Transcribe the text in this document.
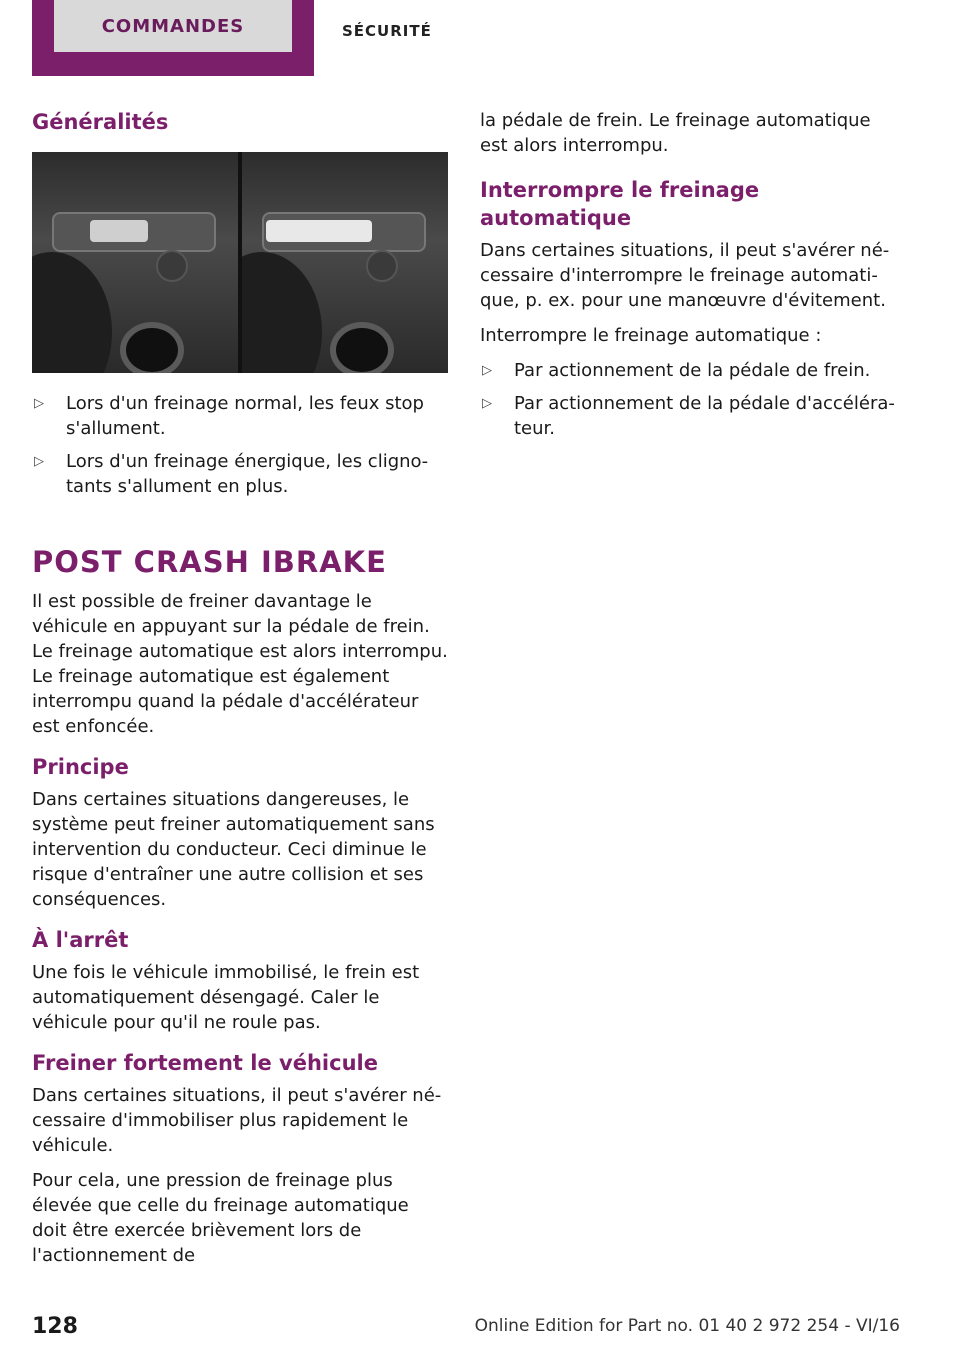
COMMANDES	SÉCURITÉ
Généralités
▷ Lors d'un freinage normal, les feux stop s'allument.
▷ Lors d'un freinage énergique, les clignotants s'allument en plus.
POST CRASH IBRAKE

Il est possible de freiner davantage le véhicule en appuyant sur la pédale de frein. Le freinage automatique est alors interrompu. Le freinage automatique est également interrompu quand la pédale d'accélérateur est enfoncée.

Principe

Dans certaines situations dangereuses, le système peut freiner automatiquement sans intervention du conducteur. Ceci diminue le risque d'entraîner une autre collision et ses conséquences.

À l'arrêt

Une fois le véhicule immobilisé, le frein est automatiquement désengagé. Caler le véhicule pour qu'il ne roule pas.

Freiner fortement le véhicule

Dans certaines situations, il peut s'avérer nécessaire d'immobiliser plus rapidement le véhicule.

Pour cela, une pression de freinage plus élevée que celle du freinage automatique doit être exercée brièvement lors de l'actionnement de

la pédale de frein. Le freinage automatique est alors interrompu.

Interrompre le freinage automatique

Dans certaines situations, il peut s'avérer nécessaire d'interrompre le freinage automatique, p. ex. pour une manœuvre d'évitement.

Interrompre le freinage automatique :

▷ Par actionnement de la pédale de frein.
▷ Par actionnement de la pédale d'accélérateur.
128	Online Edition for Part no. 01 40 2 972 254 - VI/16
